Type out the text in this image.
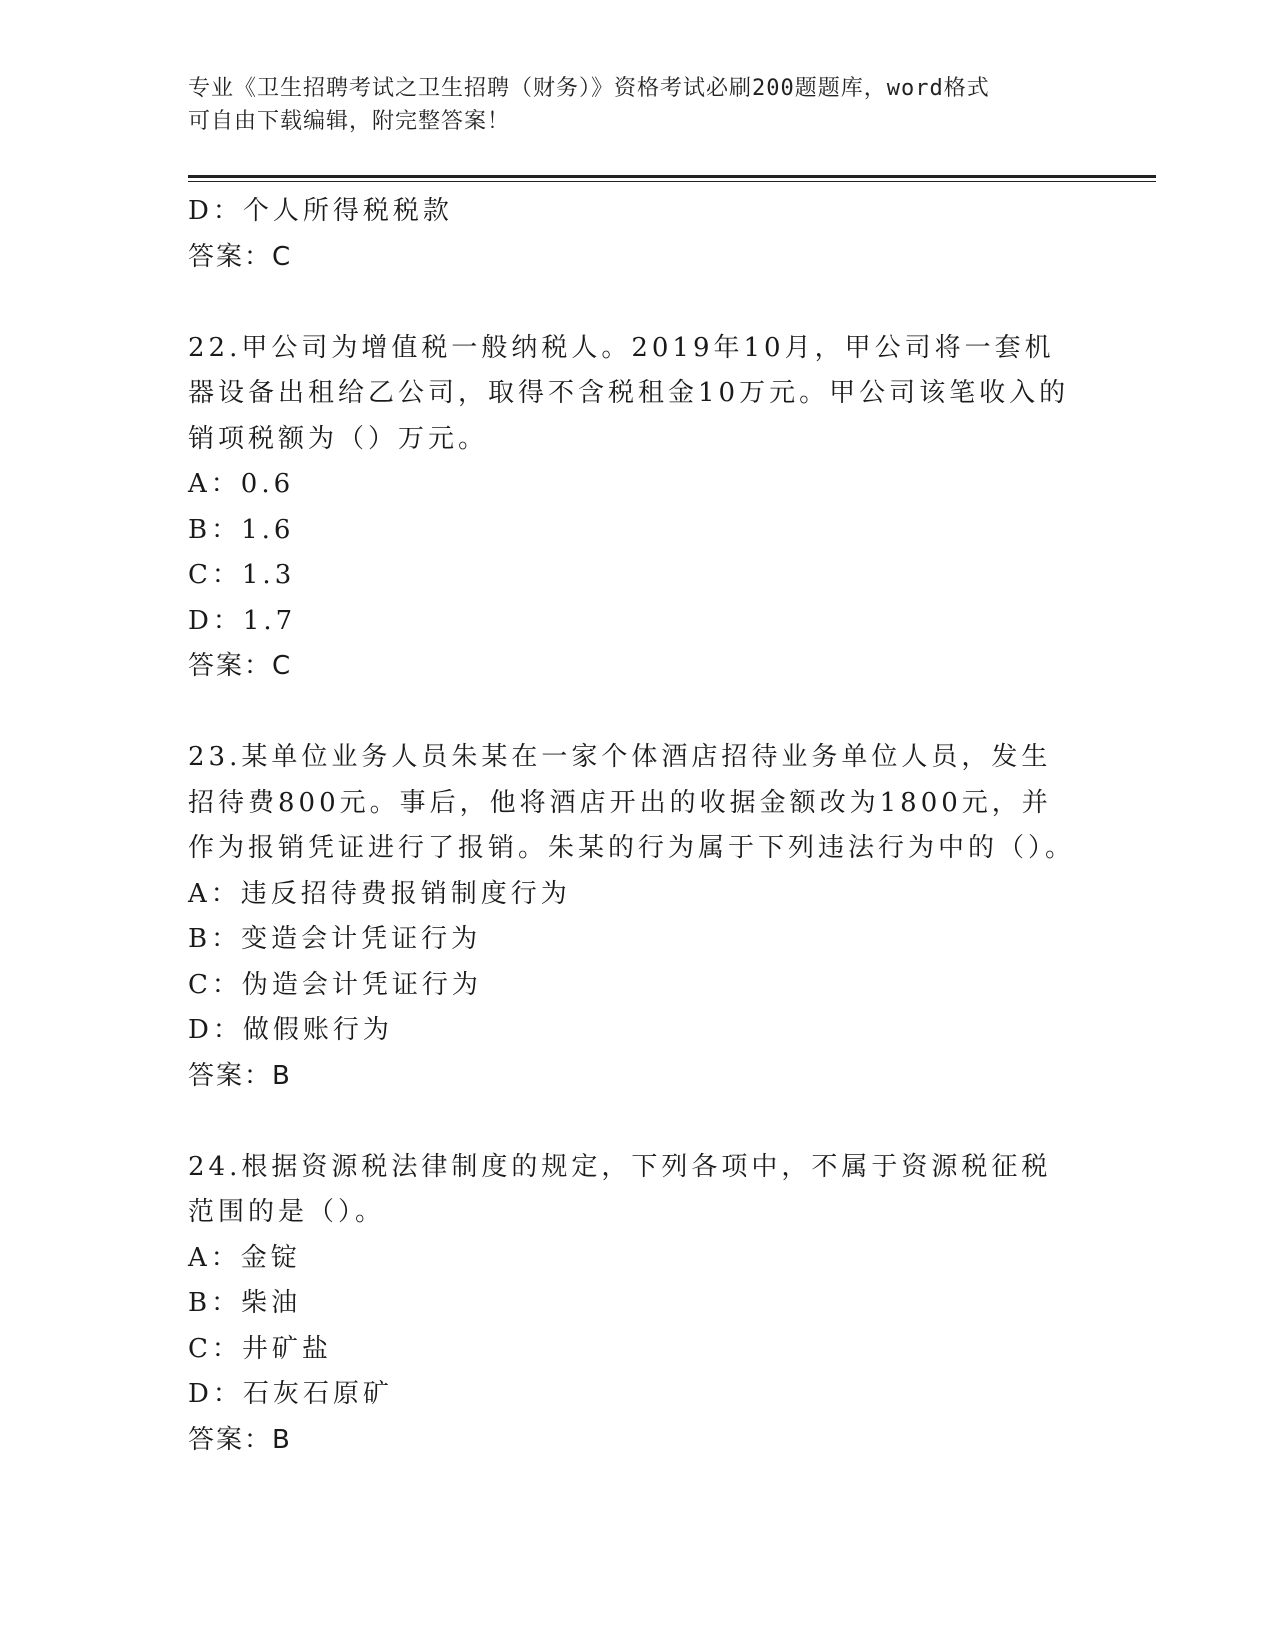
专业《卫生招聘考试之卫生招聘（财务）》资格考试必刷200题题库，word格式
可自由下载编辑，附完整答案！
D：个人所得税税款
答案：C
22.甲公司为增值税一般纳税人。2019年10月，甲公司将一套机器设备出租给乙公司，取得不含税租金10万元。甲公司该笔收入的销项税额为（）万元。
A：0.6
B：1.6
C：1.3
D：1.7
答案：C
23.某单位业务人员朱某在一家个体酒店招待业务单位人员，发生招待费800元。事后，他将酒店开出的收据金额改为1800元，并作为报销凭证进行了报销。朱某的行为属于下列违法行为中的（）。
A：违反招待费报销制度行为
B：变造会计凭证行为
C：伪造会计凭证行为
D：做假账行为
答案：B
24.根据资源税法律制度的规定，下列各项中，不属于资源税征税范围的是（）。
A：金锭
B：柴油
C：井矿盐
D：石灰石原矿
答案：B
